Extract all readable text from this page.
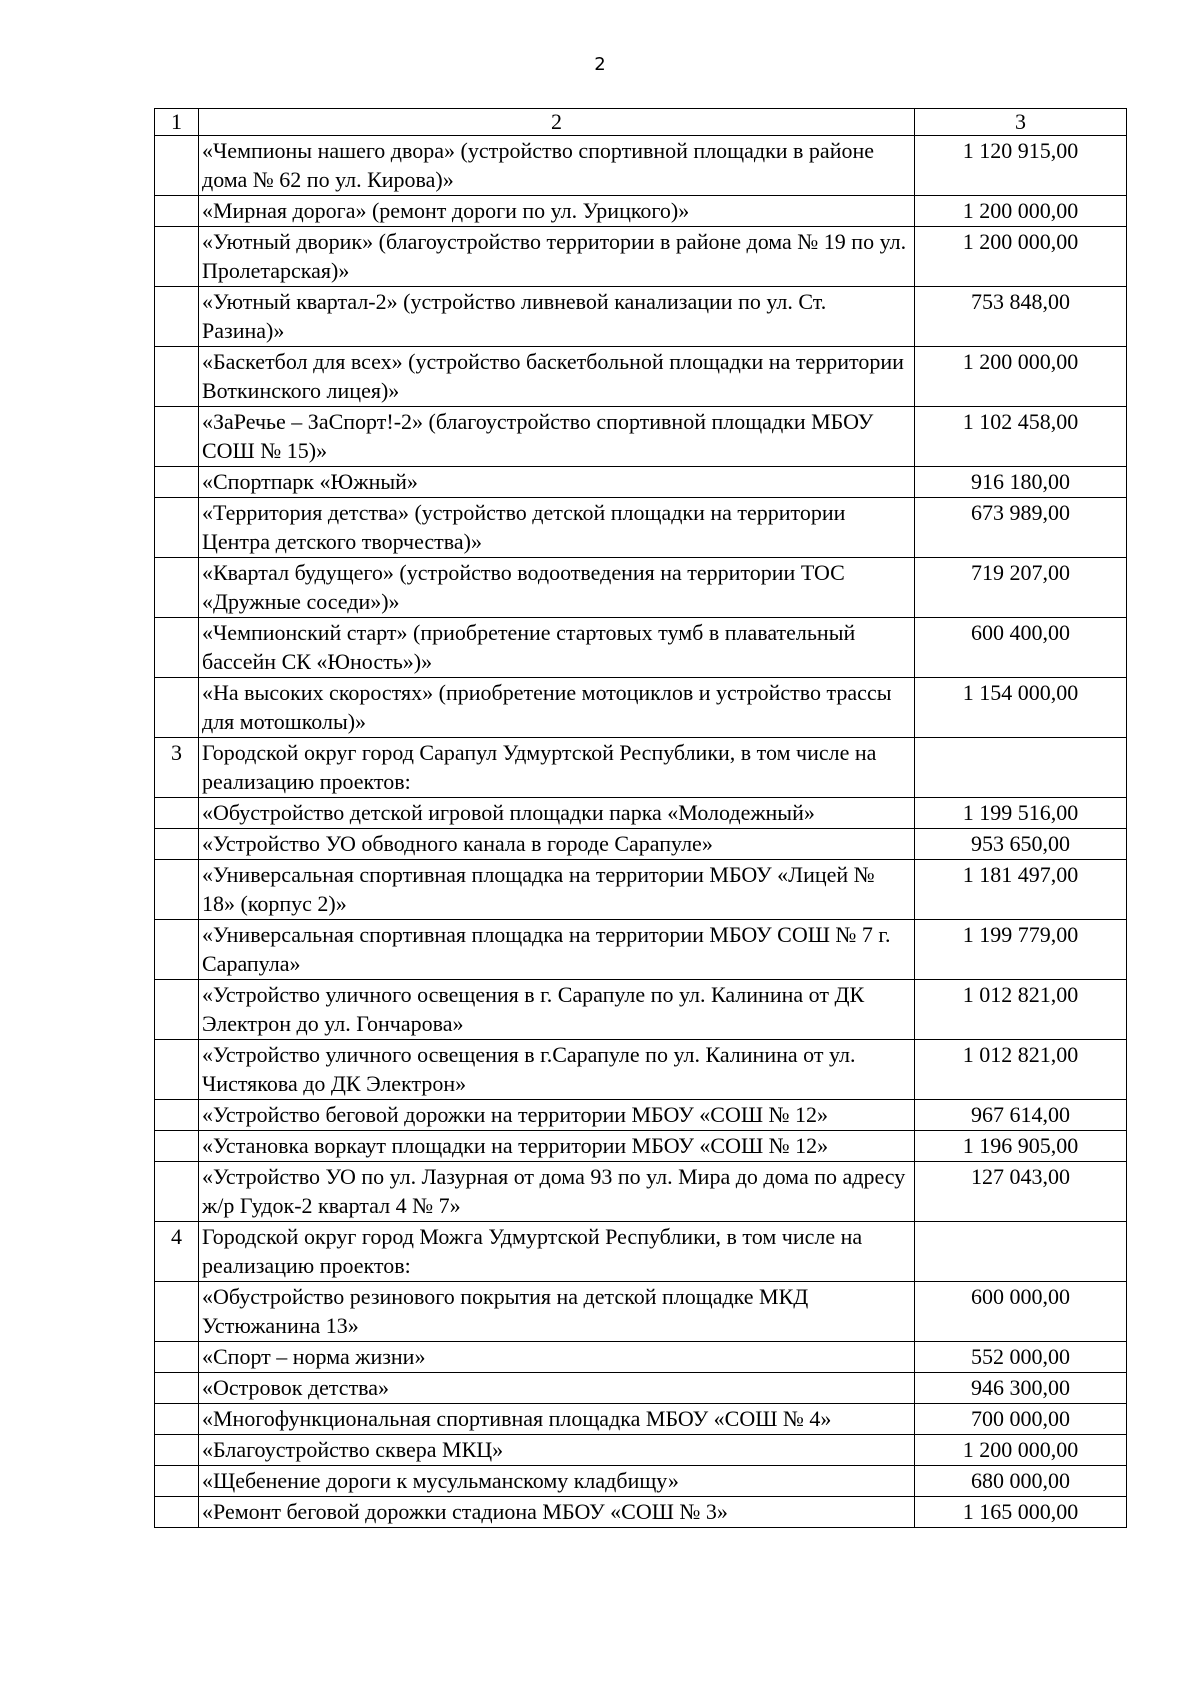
2
1	2	3
	«Чемпионы нашего двора» (устройство спортивной площадки в районе дома № 62 по ул. Кирова)»	1 120 915,00
	«Мирная дорога» (ремонт дороги по ул. Урицкого)»	1 200 000,00
	«Уютный дворик» (благоустройство территории в районе дома № 19 по ул. Пролетарская)»	1 200 000,00
	«Уютный квартал-2» (устройство ливневой канализации по ул. Ст. Разина)»	753 848,00
	«Баскетбол для всех» (устройство баскетбольной площадки на территории Воткинского лицея)»	1 200 000,00
	«ЗаРечье – ЗаСпорт!-2» (благоустройство спортивной площадки МБОУ СОШ № 15)»	1 102 458,00
	«Спортпарк «Южный»	916 180,00
	«Территория детства» (устройство детской площадки на территории Центра детского творчества)»	673 989,00
	«Квартал будущего» (устройство водоотведения на территории ТОС «Дружные соседи»)»	719 207,00
	«Чемпионский старт» (приобретение стартовых тумб в плавательный бассейн СК «Юность»)»	600 400,00
	«На высоких скоростях» (приобретение мотоциклов и устройство трассы для мотошколы)»	1 154 000,00
3	Городской округ город Сарапул Удмуртской Республики, в том числе на реализацию проектов:	
	«Обустройство детской игровой площадки парка «Молодежный»	1 199 516,00
	«Устройство УО обводного канала в городе Сарапуле»	953 650,00
	«Универсальная спортивная площадка на территории МБОУ «Лицей № 18» (корпус 2)»	1 181 497,00
	«Универсальная спортивная площадка на территории МБОУ СОШ № 7 г. Сарапула»	1 199 779,00
	«Устройство уличного освещения в г. Сарапуле по ул. Калинина от ДК Электрон до ул. Гончарова»	1 012 821,00
	«Устройство уличного освещения в г.Сарапуле по ул. Калинина от ул. Чистякова до ДК Электрон»	1 012 821,00
	«Устройство беговой дорожки на территории МБОУ «СОШ № 12»	967 614,00
	«Установка воркаут площадки на территории МБОУ «СОШ № 12»	1 196 905,00
	«Устройство УО по ул. Лазурная от дома 93 по ул. Мира до дома по адресу ж/р Гудок-2 квартал 4 № 7»	127 043,00
4	Городской округ город Можга Удмуртской Республики, в том числе на реализацию проектов:	
	«Обустройство резинового покрытия на детской площадке МКД Устюжанина 13»	600 000,00
	«Спорт – норма жизни»	552 000,00
	«Островок детства»	946 300,00
	«Многофункциональная спортивная площадка МБОУ «СОШ № 4»	700 000,00
	«Благоустройство сквера МКЦ»	1 200 000,00
	«Щебенение дороги к мусульманскому кладбищу»	680 000,00
	«Ремонт беговой дорожки стадиона МБОУ «СОШ № 3»	1 165 000,00
